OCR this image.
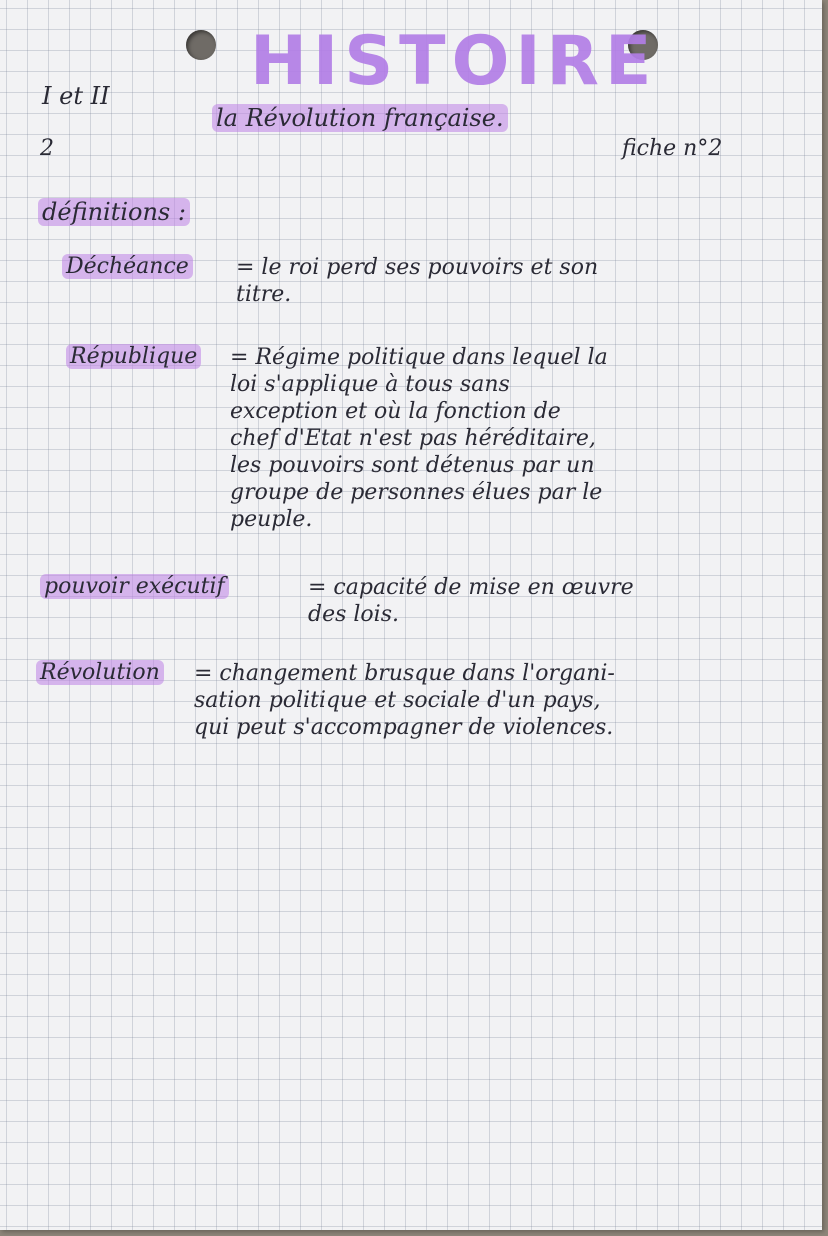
I et II

2

HISTOIRE

la Révolution française.

fiche n°2

définitions :

Déchéance = le roi perd ses pouvoirs et son
titre.

République = Régime politique dans lequel la
loi s'applique à tous sans
exception et où la fonction de
chef d'Etat n'est pas héréditaire,
les pouvoirs sont détenus par un
groupe de personnes élues par le
peuple.

pouvoir exécutif	= capacité de mise en œuvre
des lois.

Révolution = changement brusque dans l'organi-
sation politique et sociale d'un pays,
qui peut s'accompagner de violences.
